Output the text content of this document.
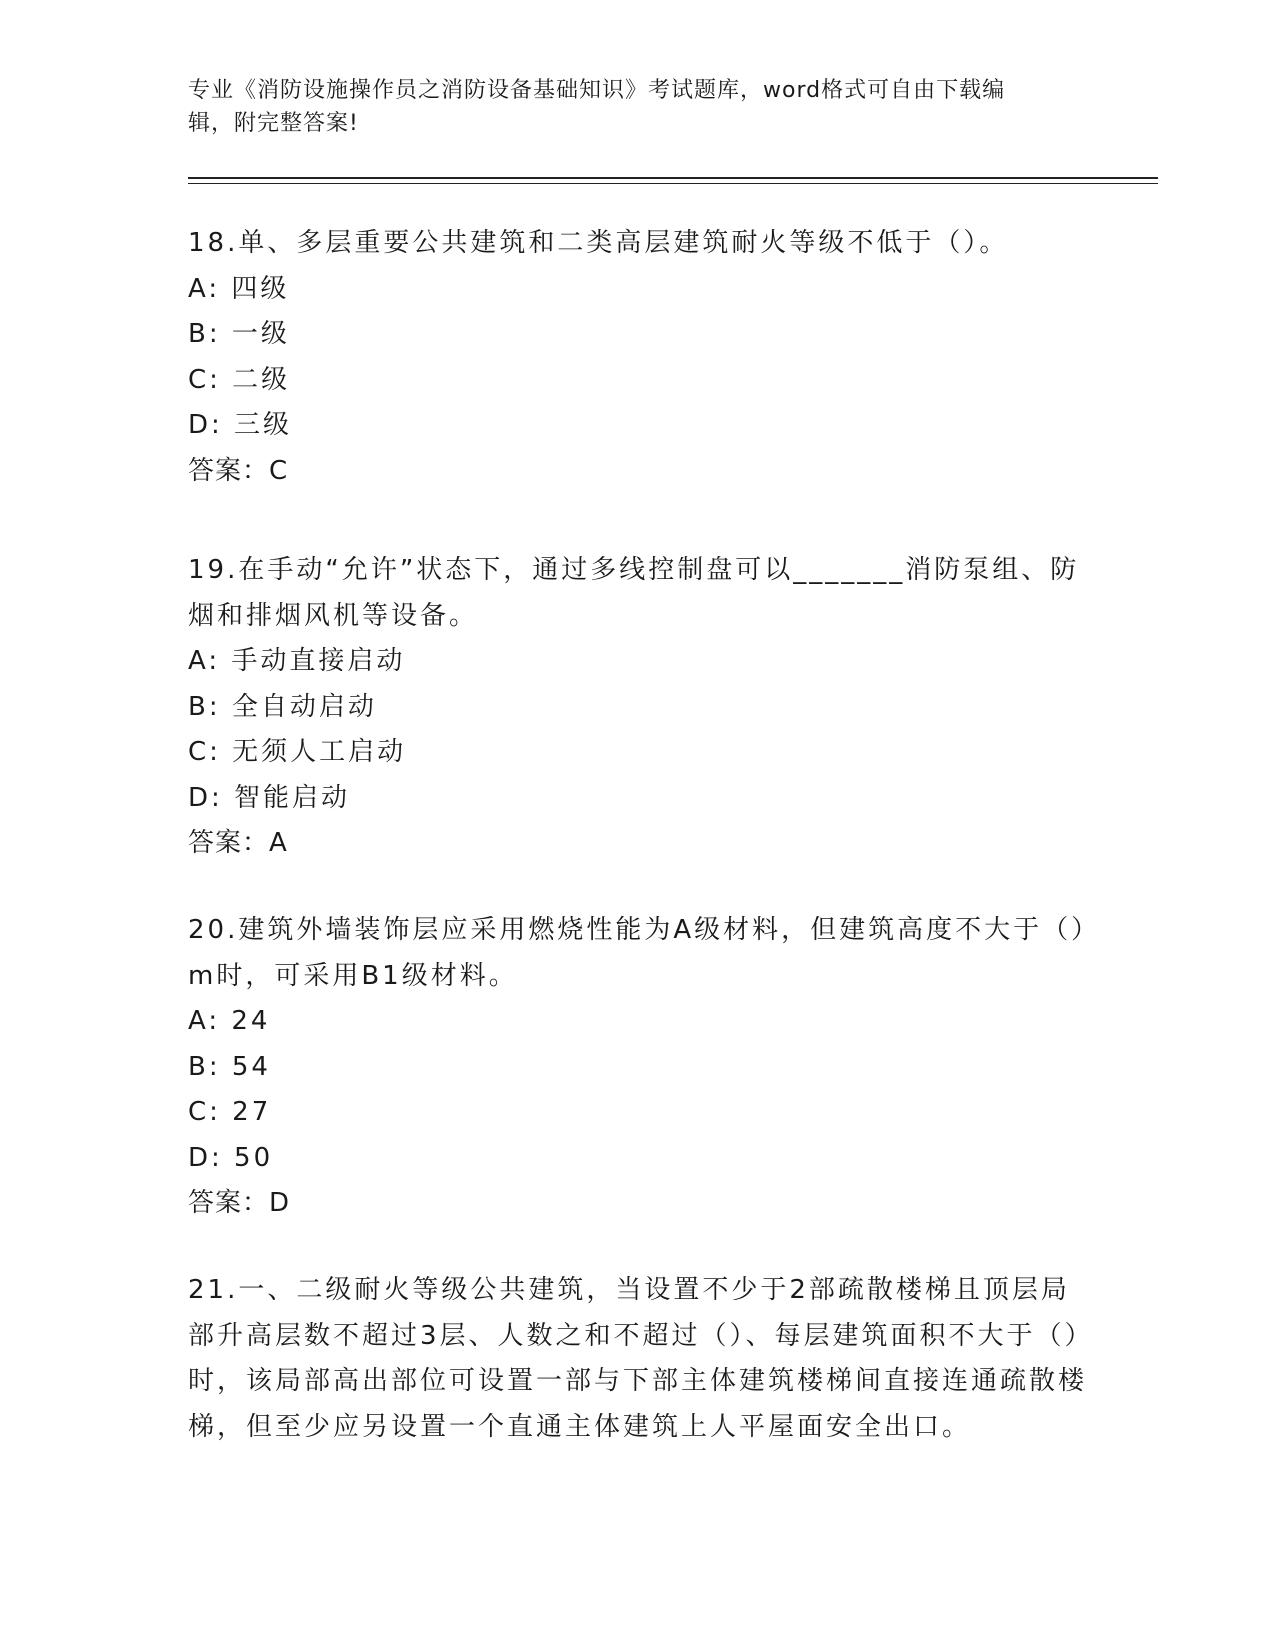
专业《消防设施操作员之消防设备基础知识》考试题库，word格式可自由下载编
辑，附完整答案!
18.单、多层重要公共建筑和二类高层建筑耐火等级不低于（）。
A: 四级
B: 一级
C: 二级
D: 三级
答案：C
19.在手动“允许”状态下，通过多线控制盘可以_______消防泵组、防烟和排烟风机等设备。
A: 手动直接启动
B: 全自动启动
C: 无须人工启动
D: 智能启动
答案：A
20.建筑外墙装饰层应采用燃烧性能为A级材料，但建筑高度不大于（）m时，可采用B1级材料。
A: 24
B: 54
C: 27
D: 50
答案：D
21.一、二级耐火等级公共建筑，当设置不少于2部疏散楼梯且顶层局部升高层数不超过3层、人数之和不超过（）、每层建筑面积不大于（）时，该局部高出部位可设置一部与下部主体建筑楼梯间直接连通疏散楼梯，但至少应另设置一个直通主体建筑上人平屋面安全出口。
